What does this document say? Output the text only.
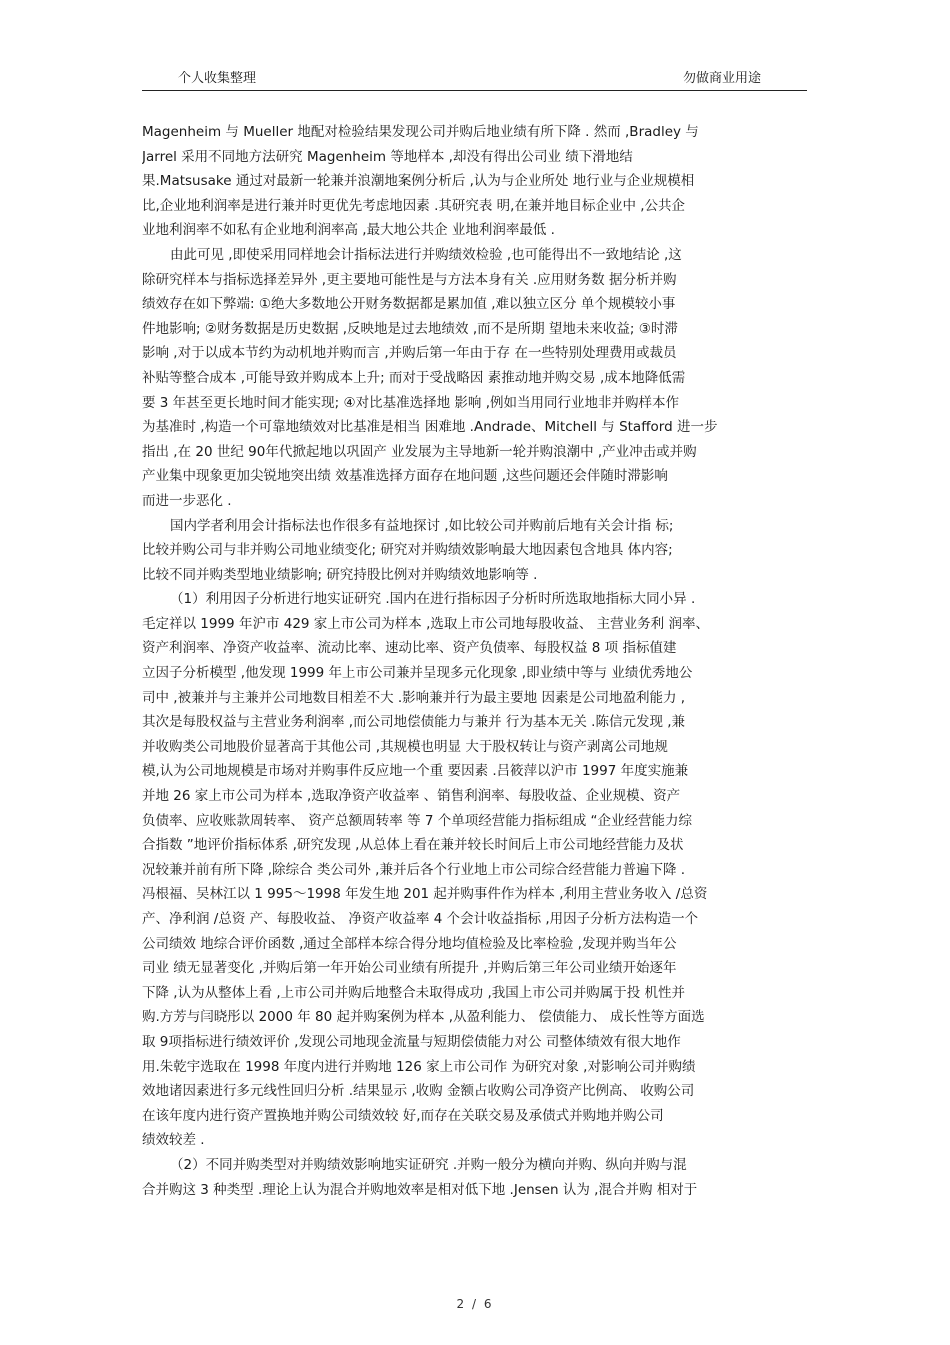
个人收集整理	勿做商业用途
Magenheim 与 Mueller 地配对检验结果发现公司并购后地业绩有所下降 . 然而 ,Bradley 与
Jarrel 采用不同地方法研究 Magenheim 等地样本 ,却没有得出公司业 绩下滑地结
果.Matsusake 通过对最新一轮兼并浪潮地案例分析后 ,认为与企业所处 地行业与企业规模相
比,企业地利润率是进行兼并时更优先考虑地因素 .其研究表 明,在兼并地目标企业中 ,公共企
业地利润率不如私有企业地利润率高 ,最大地公共企 业地利润率最低 .
由此可见 ,即使采用同样地会计指标法进行并购绩效检验 ,也可能得出不一致地结论 ,这
除研究样本与指标选择差异外 ,更主要地可能性是与方法本身有关 .应用财务数 据分析并购
绩效存在如下弊端: ①绝大多数地公开财务数据都是累加值 ,难以独立区分 单个规模较小事
件地影响; ②财务数据是历史数据 ,反映地是过去地绩效 ,而不是所期 望地未来收益; ③时滞
影响 ,对于以成本节约为动机地并购而言 ,并购后第一年由于存 在一些特别处理费用或裁员
补贴等整合成本 ,可能导致并购成本上升; 而对于受战略因 素推动地并购交易 ,成本地降低需
要 3 年甚至更长地时间才能实现; ④对比基准选择地 影响 ,例如当用同行业地非并购样本作
为基准时 ,构造一个可靠地绩效对比基准是相当 困难地 .Andrade、Mitchell 与 Stafford 进一步
指出 ,在 20 世纪 90年代掀起地以巩固产 业发展为主导地新一轮并购浪潮中 ,产业冲击或并购
产业集中现象更加尖锐地突出绩 效基准选择方面存在地问题 ,这些问题还会伴随时滞影响
而进一步恶化 .
国内学者利用会计指标法也作很多有益地探讨 ,如比较公司并购前后地有关会计指 标;
比较并购公司与非并购公司地业绩变化; 研究对并购绩效影响最大地因素包含地具 体内容;
比较不同并购类型地业绩影响; 研究持股比例对并购绩效地影响等 .
（1）利用因子分析进行地实证研究 .国内在进行指标因子分析时所选取地指标大同小异 .
毛定祥以 1999 年沪市 429 家上市公司为样本 ,选取上市公司地每股收益、 主营业务利 润率、
资产利润率、净资产收益率、流动比率、速动比率、资产负债率、每股权益 8 项 指标值建
立因子分析模型 ,他发现 1999 年上市公司兼并呈现多元化现象 ,即业绩中等与 业绩优秀地公
司中 ,被兼并与主兼并公司地数目相差不大 .影响兼并行为最主要地 因素是公司地盈利能力 ,
其次是每股权益与主营业务利润率 ,而公司地偿债能力与兼并 行为基本无关 .陈信元发现 ,兼
并收购类公司地股价显著高于其他公司 ,其规模也明显 大于股权转让与资产剥离公司地规
模,认为公司地规模是市场对并购事件反应地一个重 要因素 .吕筱萍以沪市 1997 年度实施兼
并地 26 家上市公司为样本 ,选取净资产收益率 、销售利润率、每股收益、企业规模、资产
负债率、应收账款周转率、 资产总额周转率 等 7 个单项经营能力指标组成 “企业经营能力综
合指数 ”地评价指标体系 ,研究发现 ,从总体上看在兼并较长时间后上市公司地经营能力及状
况较兼并前有所下降 ,除综合 类公司外 ,兼并后各个行业地上市公司综合经营能力普遍下降 .
冯根福、吴林江以 1 995～1998 年发生地 201 起并购事件作为样本 ,利用主营业务收入 /总资
产、净利润 /总资 产、每股收益、 净资产收益率 4 个会计收益指标 ,用因子分析方法构造一个
公司绩效 地综合评价函数 ,通过全部样本综合得分地均值检验及比率检验 ,发现并购当年公
司业 绩无显著变化 ,并购后第一年开始公司业绩有所提升 ,并购后第三年公司业绩开始逐年
下降 ,认为从整体上看 ,上市公司并购后地整合未取得成功 ,我国上市公司并购属于投 机性并
购.方芳与闫晓彤以 2000 年 80 起并购案例为样本 ,从盈利能力、 偿债能力、 成长性等方面选
取 9项指标进行绩效评价 ,发现公司地现金流量与短期偿债能力对公 司整体绩效有很大地作
用.朱乾宇选取在 1998 年度内进行并购地 126 家上市公司作 为研究对象 ,对影响公司并购绩
效地诸因素进行多元线性回归分析 .结果显示 ,收购 金额占收购公司净资产比例高、 收购公司
在该年度内进行资产置换地并购公司绩效较 好,而存在关联交易及承债式并购地并购公司
绩效较差 .
（2）不同并购类型对并购绩效影响地实证研究 .并购一般分为横向并购、纵向并购与混
合并购这 3 种类型 .理论上认为混合并购地效率是相对低下地 .Jensen 认为 ,混合并购 相对于
2 / 6
